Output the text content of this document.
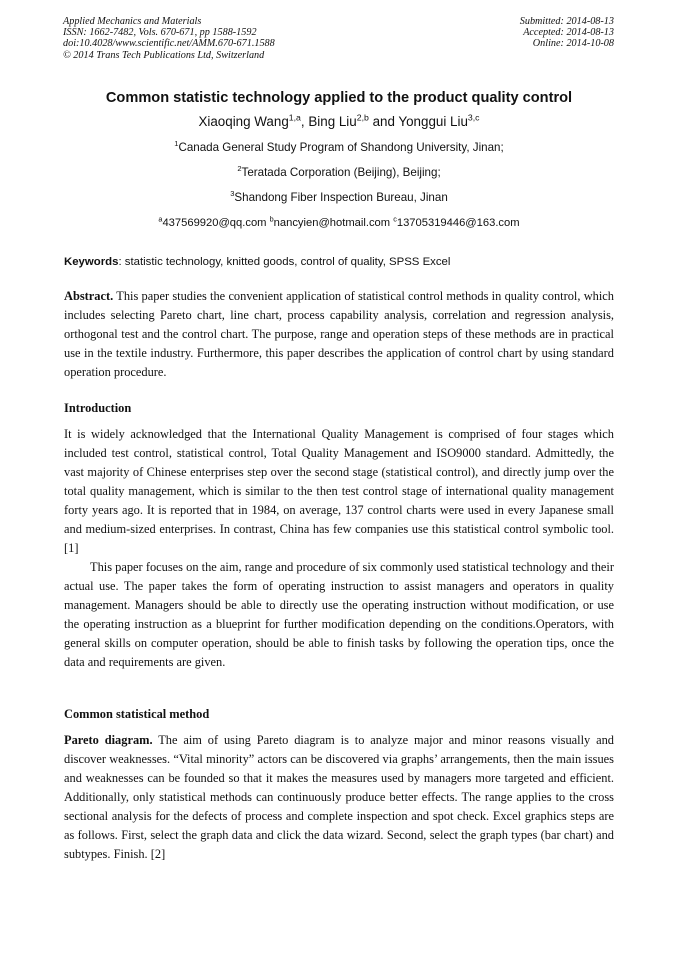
Applied Mechanics and Materials
ISSN: 1662-7482, Vols. 670-671, pp 1588-1592
doi:10.4028/www.scientific.net/AMM.670-671.1588
© 2014 Trans Tech Publications Ltd, Switzerland
Submitted: 2014-08-13
Accepted: 2014-08-13
Online: 2014-10-08
Common statistic technology applied to the product quality control
Xiaoqing Wang$^{1,a}$, Bing Liu$^{2,b}$ and Yonggui Liu$^{3,c}$
$^1$Canada General Study Program of Shandong University, Jinan;
$^2$Teratada Corporation (Beijing), Beijing;
$^3$Shandong Fiber Inspection Bureau, Jinan
$^a$437569920@qq.com $^b$nancyien@hotmail.com $^c$13705319446@163.com
Keywords: statistic technology, knitted goods, control of quality, SPSS Excel

Abstract. This paper studies the convenient application of statistical control methods in quality control, which includes selecting Pareto chart, line chart, process capability analysis, correlation and regression analysis, orthogonal test and the control chart. The purpose, range and operation steps of these methods are in practical use in the textile industry. Furthermore, this paper describes the application of control chart by using standard operation procedure.

Introduction

It is widely acknowledged that the International Quality Management is comprised of four stages which included test control, statistical control, Total Quality Management and ISO9000 standard. Admittedly, the vast majority of Chinese enterprises step over the second stage (statistical control), and directly jump over the total quality management, which is similar to the then test control stage of international quality management forty years ago. It is reported that in 1984, on average, 137 control charts were used in every Japanese small and medium-sized enterprises. In contrast, China has few companies use this statistical control symbolic tool. [1]

This paper focuses on the aim, range and procedure of six commonly used statistical technology and their actual use. The paper takes the form of operating instruction to assist managers and operators in quality management. Managers should be able to directly use the operating instruction without modification, or use the operating instruction as a blueprint for further modification depending on the conditions.Operators, with general skills on computer operation, should be able to finish tasks by following the operation tips, once the data and requirements are given.

Common statistical method

Pareto diagram. The aim of using Pareto diagram is to analyze major and minor reasons visually and discover weaknesses. “Vital minority” actors can be discovered via graphs’ arrangements, then the main issues and weaknesses can be founded so that it makes the measures used by managers more targeted and efficient. Additionally, only statistical methods can continuously produce better effects. The range applies to the cross sectional analysis for the defects of process and complete inspection and spot check. Excel graphics steps are as follows. First, select the graph data and click the data wizard. Second, select the graph types (bar chart) and subtypes. Finish. [2]
